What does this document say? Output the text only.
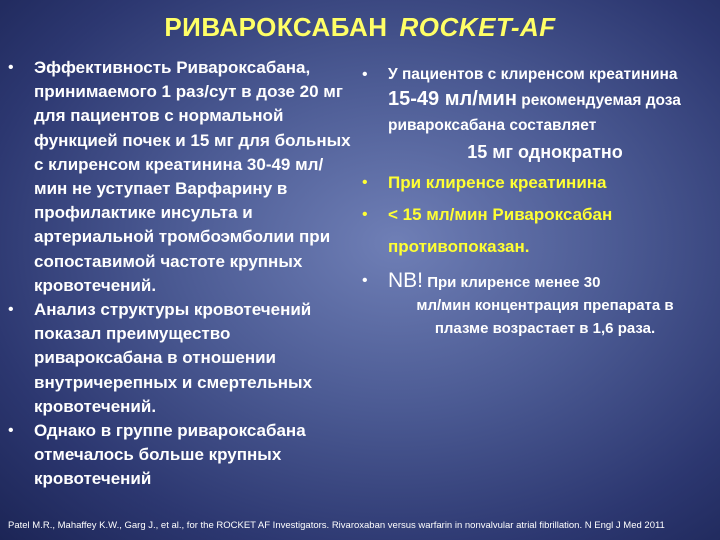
РИВАРОКСАБАН ROCKET-AF
• Эффективность Ривароксабана, принимаемого 1 раз/сут в дозе 20 мг для пациентов с нормальной функцией почек и 15 мг для больных с клиренсом креатинина 30-49 мл/мин не уступает Варфарину в профилактике инсульта и артериальной тромбоэмболии при сопоставимой частоте крупных кровотечений.
• Анализ структуры кровотечений показал преимущество ривароксабана в отношении внутричерепных и смертельных кровотечений.
• Однако в группе ривароксабана отмечалось больше крупных кровотечений
• У пациентов с клиренсом креатинина 15-49 мл/мин рекомендуемая доза ривароксабана составляет
15 мг однократно
• При клиренсе креатинина
• < 15 мл/мин Ривароксабан противопоказан.
• NB! При клиренсе менее 30
мл/мин концентрация препарата в плазме возрастает в 1,6 раза.
Patel M.R., Mahaffey K.W., Garg J., et al., for the ROCKET AF Investigators. Rivaroxaban versus warfarin in nonvalvular atrial fibrillation. N Engl J Med 2011
